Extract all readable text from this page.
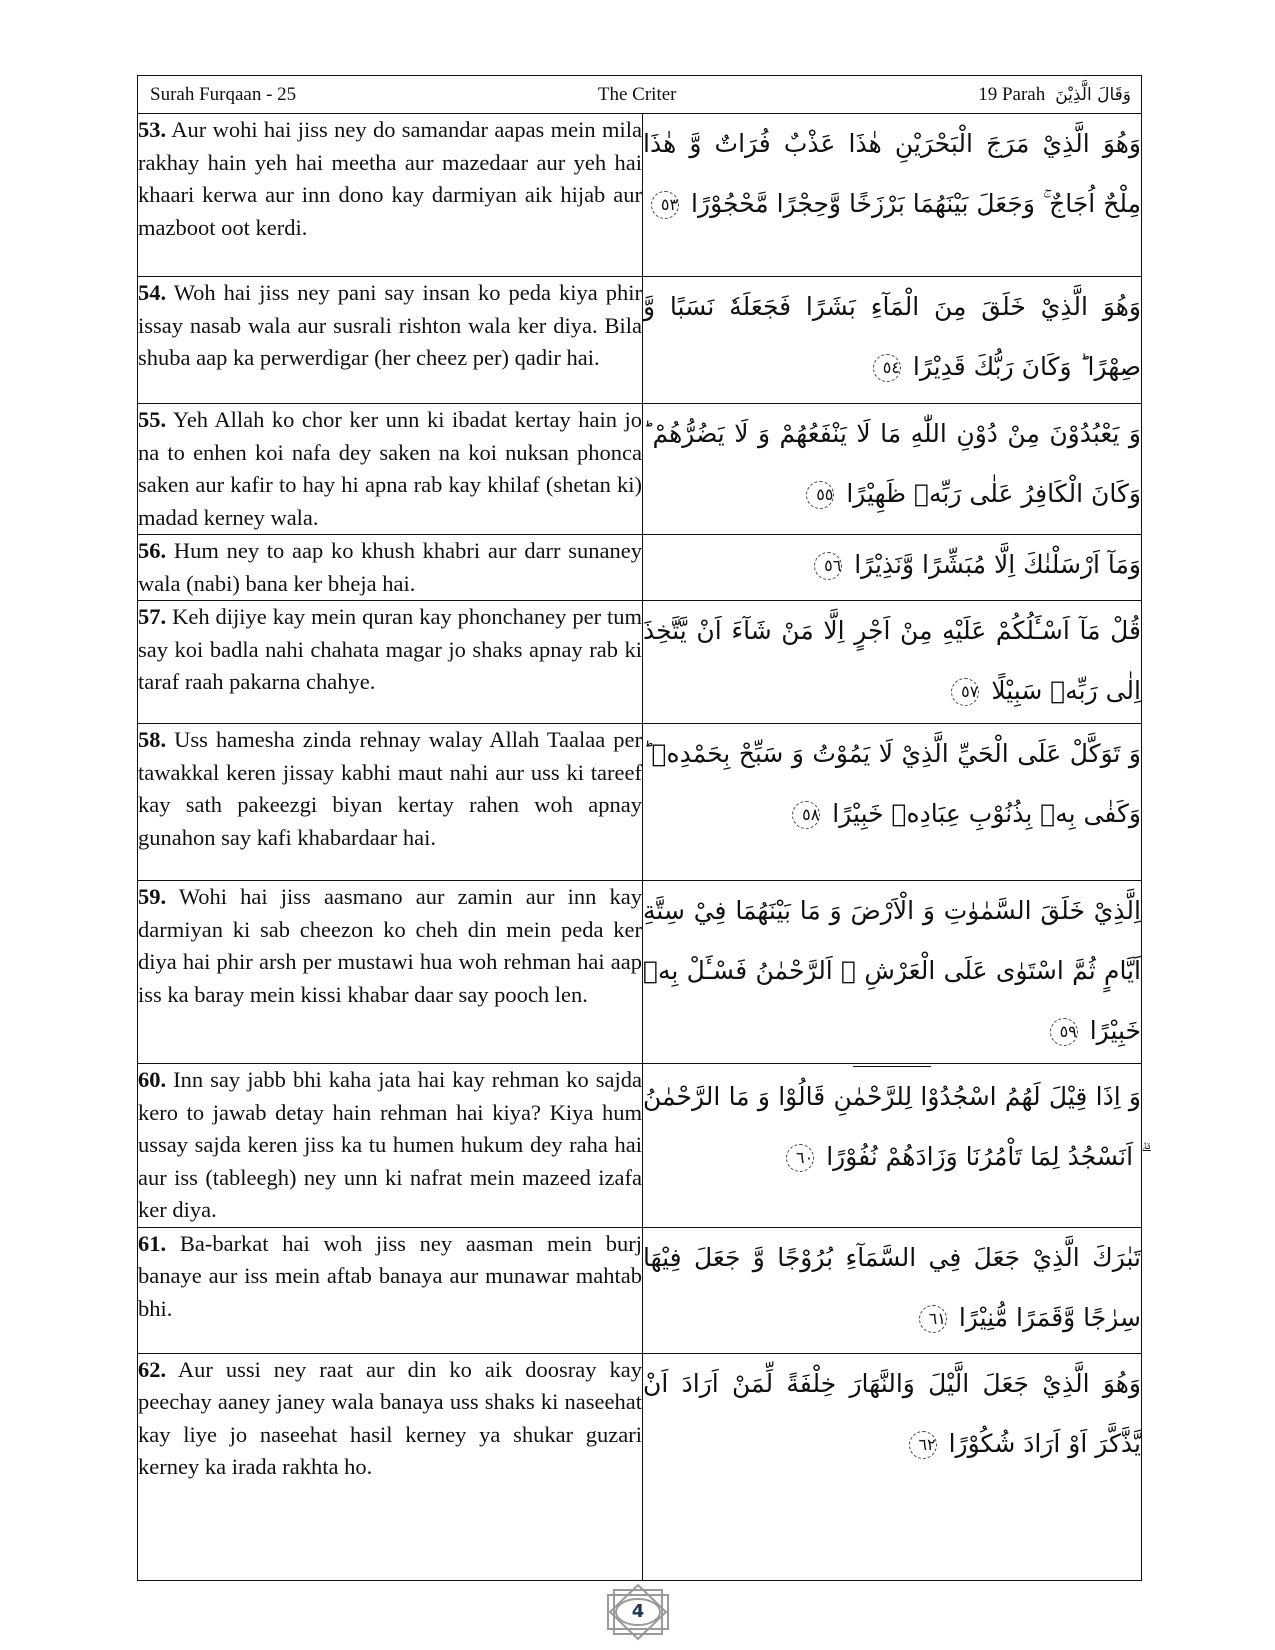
Surah Furqaan - 25 The Criter 19 Parah وَقَالَ الَّذِيْنَ	

53. Aur wohi hai jiss ney do samandar aapas mein mila rakhay hain yeh hai meetha aur mazedaar aur yeh hai khaari kerwa aur inn dono kay darmiyan aik hijab aur mazboot oot kerdi.	وَهُوَ الَّذِيْ مَرَجَ الْبَحْرَيْنِ هٰذَا عَذْبٌ فُرَاتٌ وَّ هٰذَا مِلْحٌ اُجَاجٌ ۚ وَجَعَلَ بَيْنَهُمَا بَرْزَخًا وَّحِجْرًا مَّحْجُوْرًا ٥٣
54. Woh hai jiss ney pani say insan ko peda kiya phir issay nasab wala aur susrali rishton wala ker diya. Bila shuba aap ka perwerdigar (her cheez per) qadir hai.	وَهُوَ الَّذِيْ خَلَقَ مِنَ الْمَآءِ بَشَرًا فَجَعَلَهٗ نَسَبًا وَّ صِهْرًا ؕ وَكَانَ رَبُّكَ قَدِيْرًا ٥٤
55. Yeh Allah ko chor ker unn ki ibadat kertay hain jo na to enhen koi nafa dey saken na koi nuksan phonca saken aur kafir to hay hi apna rab kay khilaf (shetan ki) madad kerney wala.	وَ يَعْبُدُوْنَ مِنْ دُوْنِ اللّٰهِ مَا لَا يَنْفَعُهُمْ وَ لَا يَضُرُّهُمْ ؕ وَكَانَ الْكَافِرُ عَلٰى رَبِّهٖ ظَهِيْرًا ٥٥
56. Hum ney to aap ko khush khabri aur darr sunaney wala (nabi) bana ker bheja hai.	وَمَآ اَرْسَلْنٰكَ اِلَّا مُبَشِّرًا وَّنَذِيْرًا ٥٦
57. Keh dijiye kay mein quran kay phonchaney per tum say koi badla nahi chahata magar jo shaks apnay rab ki taraf raah pakarna chahye.	قُلْ مَآ اَسْـَٔلُكُمْ عَلَيْهِ مِنْ اَجْرٍ اِلَّا مَنْ شَآءَ اَنْ يَّتَّخِذَ اِلٰى رَبِّهٖ سَبِيْلًا ٥٧
58. Uss hamesha zinda rehnay walay Allah Taalaa per tawakkal keren jissay kabhi maut nahi aur uss ki tareef kay sath pakeezgi biyan kertay rahen woh apnay gunahon say kafi khabardaar hai.	وَ تَوَكَّلْ عَلَى الْحَيِّ الَّذِيْ لَا يَمُوْتُ وَ سَبِّحْ بِحَمْدِهٖ ؕ وَكَفٰى بِهٖ بِذُنُوْبِ عِبَادِهٖ خَبِيْرًا ٥٨
59. Wohi hai jiss aasmano aur zamin aur inn kay darmiyan ki sab cheezon ko cheh din mein peda ker diya hai phir arsh per mustawi hua woh rehman hai aap iss ka baray mein kissi khabar daar say pooch len.	اِلَّذِيْ خَلَقَ السَّمٰوٰتِ وَ الْاَرْضَ وَ مَا بَيْنَهُمَا فِيْ سِتَّةِ اَيَّامٍ ثُمَّ اسْتَوٰى عَلَى الْعَرْشِ ۛ اَلرَّحْمٰنُ فَسْـَٔلْ بِهٖ خَبِيْرًا ٥٩
60. Inn say jabb bhi kaha jata hai kay rehman ko sajda kero to jawab detay hain rehman hai kiya? Kiya hum ussay sajda keren jiss ka tu humen hukum dey raha hai aur iss (tableegh) ney unn ki nafrat mein mazeed izafa ker diya.	وَ اِذَا قِيْلَ لَهُمُ اسْجُدُوْا لِلرَّحْمٰنِ قَالُوْا وَ مَا الرَّحْمٰنُ ۗ اَنَسْجُدُ لِمَا تَاْمُرُنَا وَزَادَهُمْ نُفُوْرًا ٦٠
61. Ba-barkat hai woh jiss ney aasman mein burj banaye aur iss mein aftab banaya aur munawar mahtab bhi.	تَبٰرَكَ الَّذِيْ جَعَلَ فِي السَّمَآءِ بُرُوْجًا وَّ جَعَلَ فِيْهَا سِرٰجًا وَّقَمَرًا مُّنِيْرًا ٦١
62. Aur ussi ney raat aur din ko aik doosray kay peechay aaney janey wala banaya uss shaks ki naseehat kay liye jo naseehat hasil kerney ya shukar guzari kerney ka irada rakhta ho.	وَهُوَ الَّذِيْ جَعَلَ الَّيْلَ وَالنَّهَارَ خِلْفَةً لِّمَنْ اَرَادَ اَنْ يَّذَّكَّرَ اَوْ اَرَادَ شُكُوْرًا ٦٢
4
